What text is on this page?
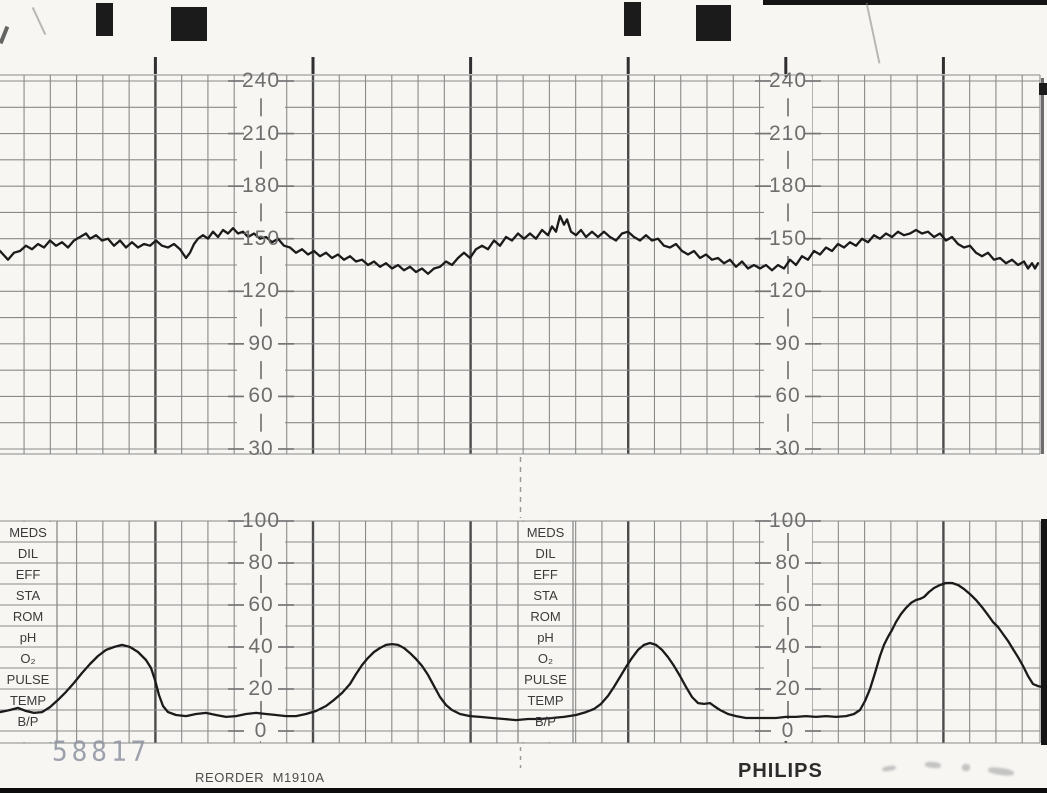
240	240
210	210
180	180
150	150
120	120
90	90
60	60
30	30
100	100
80	80
60	60
40	40
20	20
0	0
MEDS	MEDS
DIL	DIL
EFF	EFF
STA	STA
ROM	ROM
pH	pH
O₂	O₂
PULSE	PULSE
TEMP	TEMP
B/P	B/P
58817
REORDER  M1910A	PHILIPS
